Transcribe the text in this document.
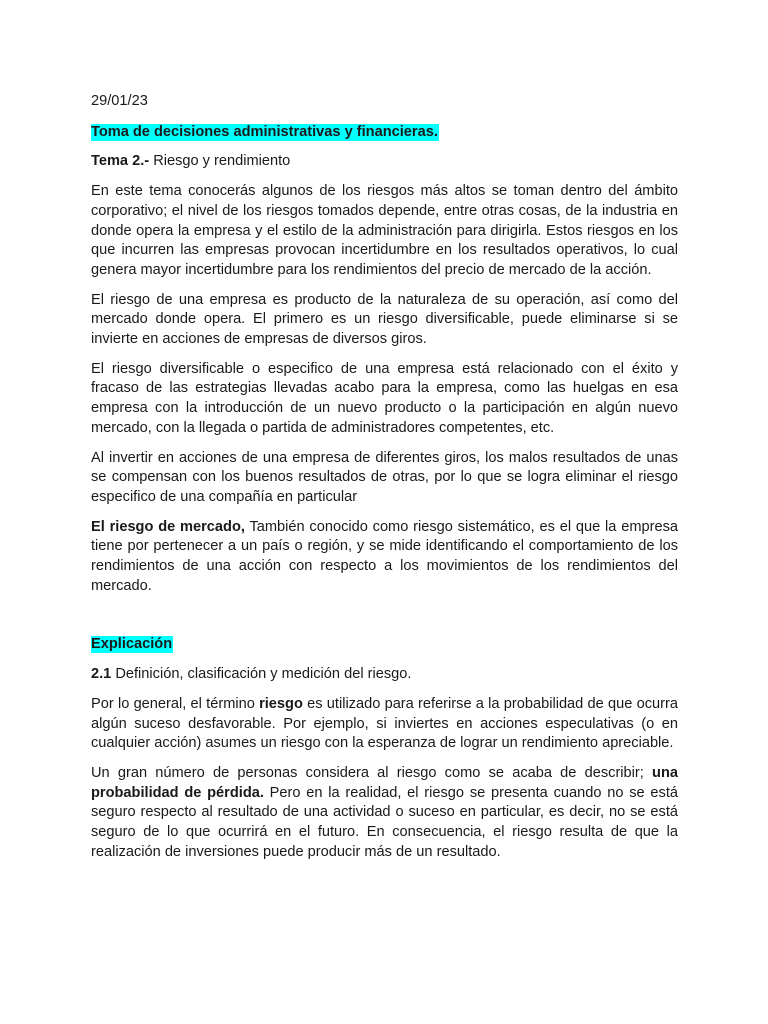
29/01/23
Toma de decisiones administrativas y financieras.
Tema 2.- Riesgo y rendimiento

En este tema conocerás algunos de los riesgos más altos se toman dentro del ámbito corporativo; el nivel de los riesgos tomados depende, entre otras cosas, de la industria en donde opera la empresa y el estilo de la administración para dirigirla. Estos riesgos en los que incurren las empresas provocan incertidumbre en los resultados operativos, lo cual genera mayor incertidumbre para los rendimientos del precio de mercado de la acción.

El riesgo de una empresa es producto de la naturaleza de su operación, así como del mercado donde opera. El primero es un riesgo diversificable, puede eliminarse si se invierte en acciones de empresas de diversos giros.

El riesgo diversificable o especifico de una empresa está relacionado con el éxito y fracaso de las estrategias llevadas acabo para la empresa, como las huelgas en esa empresa con la introducción de un nuevo producto o la participación en algún nuevo mercado, con la llegada o partida de administradores competentes, etc.

Al invertir en acciones de una empresa de diferentes giros, los malos resultados de unas se compensan con los buenos resultados de otras, por lo que se logra eliminar el riesgo especifico de una compañía en particular

El riesgo de mercado, También conocido como riesgo sistemático, es el que la empresa tiene por pertenecer a un país o región, y se mide identificando el comportamiento de los rendimientos de una acción con respecto a los movimientos de los rendimientos del mercado.

Explicación
2.1 Definición, clasificación y medición del riesgo.

Por lo general, el término riesgo es utilizado para referirse a la probabilidad de que ocurra algún suceso desfavorable. Por ejemplo, si inviertes en acciones especulativas (o en cualquier acción) asumes un riesgo con la esperanza de lograr un rendimiento apreciable.

Un gran número de personas considera al riesgo como se acaba de describir; una probabilidad de pérdida. Pero en la realidad, el riesgo se presenta cuando no se está seguro respecto al resultado de una actividad o suceso en particular, es decir, no se está seguro de lo que ocurrirá en el futuro. En consecuencia, el riesgo resulta de que la realización de inversiones puede producir más de un resultado.
